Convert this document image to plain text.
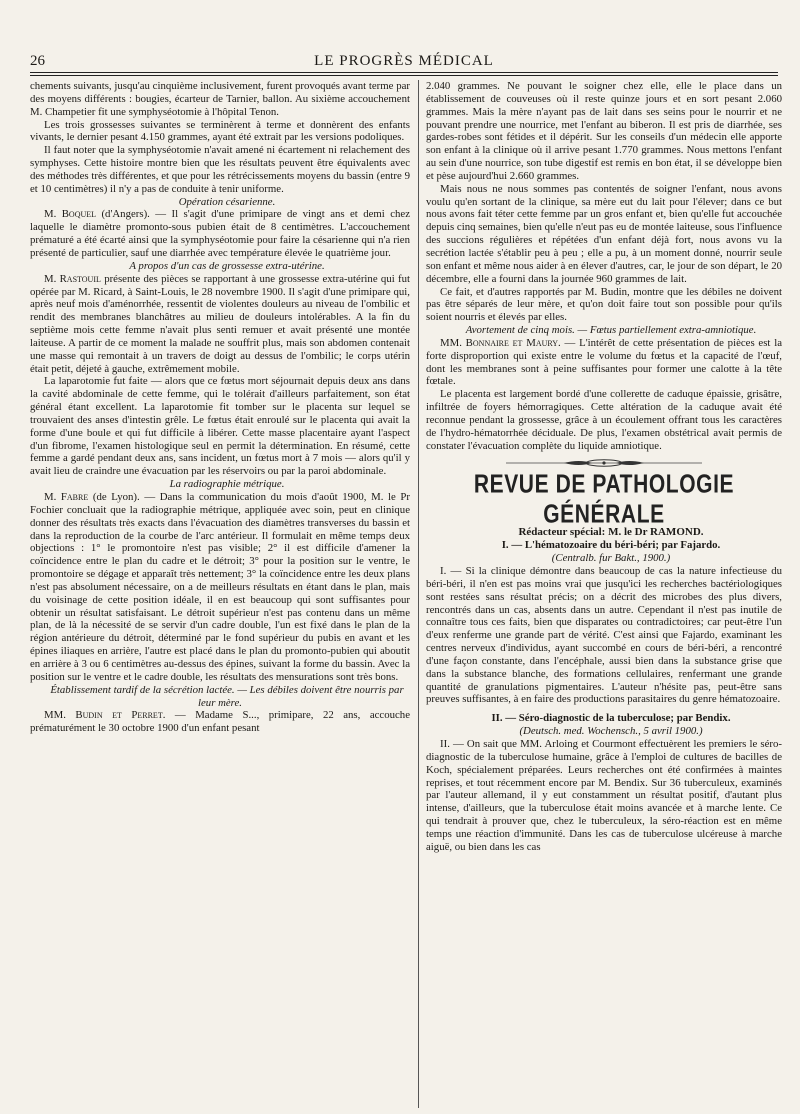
26	LE PROGRÈS MÉDICAL

chements suivants, jusqu'au cinquième inclusivement, furent provoqués avant terme par des moyens différents : bougies, écarteur de Tarnier, ballon. Au sixième accouchement M. Champetier fit une symphyséotomie à l'hôpital Tenon.

Les trois grossesses suivantes se terminèrent à terme et donnèrent des enfants vivants, le dernier pesant 4.150 grammes, ayant été extrait par les versions podoliques.

Il faut noter que la symphyséotomie n'avait amené ni écartement ni relachement des symphyses. Cette histoire montre bien que les résultats peuvent être équivalents avec des méthodes très différentes, et que pour les rétrécissements moyens du bassin (entre 9 et 10 centimètres) il n'y a pas de conduite à tenir uniforme.

Opération césarienne.

M. Boquel (d'Angers). — Il s'agit d'une primipare de vingt ans et demi chez laquelle le diamètre promonto-sous pubien était de 8 centimètres. L'accouchement prématuré a été écarté ainsi que la symphyséotomie pour faire la césarienne qui n'a rien présenté de particulier, sauf une diarrhée avec température élevée le quatrième jour.

A propos d'un cas de grossesse extra-utérine.

M. Rastouil présente des pièces se rapportant à une grossesse extra-utérine qui fut opérée par M. Ricard, à Saint-Louis, le 28 novembre 1900. Il s'agit d'une primipare qui, après neuf mois d'aménorrhée, ressentit de violentes douleurs au niveau de l'ombilic et rendit des membranes blanchâtres au milieu de douleurs intolérables. A la fin du septième mois cette femme n'avait plus senti remuer et avait présenté une montée laiteuse. A partir de ce moment la malade ne souffrit plus, mais son abdomen contenait une masse qui remontait à un travers de doigt au dessus de l'ombilic; le corps utérin était petit, déjeté à gauche, extrêmement mobile.

La laparotomie fut faite — alors que ce fœtus mort séjournait depuis deux ans dans la cavité abdominale de cette femme, qui le tolérait d'ailleurs parfaitement, son état général étant excellent. La laparotomie fit tomber sur le placenta sur lequel se trouvaient des anses d'intestin grêle. Le fœtus était enroulé sur le placenta qui avait la forme d'une boule et qui fut difficile à libérer. Cette masse placentaire ayant l'aspect d'un fibrome, l'examen histologique seul en permit la détermination. En résumé, cette femme a gardé pendant deux ans, sans incident, un fœtus mort à 7 mois — alors qu'il y avait lieu de craindre une évacuation par les réservoirs ou par la paroi abdominale.

La radiographie métrique.

M. Fabre (de Lyon). — Dans la communication du mois d'août 1900, M. le Pr Fochier concluait que la radiographie métrique, appliquée avec soin, peut en clinique donner des résultats très exacts dans l'évacuation des diamètres transverses du bassin et dans la reproduction de la courbe de l'arc antérieur. Il formulait en même temps deux objections : 1° le promontoire n'est pas visible; 2° il est difficile d'amener la coïncidence entre le plan du cadre et le détroit; 3° pour la position sur le ventre, le promontoire se dégage et apparaît très nettement; 3° la coïncidence entre les deux plans n'est pas absolument nécessaire, on a de meilleurs résultats en étant dans le plan, mais du voisinage de cette position idéale, il en est beaucoup qui sont suffisantes pour obtenir un résultat satisfaisant. Le détroit supérieur n'est pas contenu dans un même plan, de là la nécessité de se servir d'un cadre double, l'un est fixé dans le plan de la région antérieure du détroit, déterminé par le fond supérieur du pubis en avant et les épines iliaques en arrière, l'autre est placé dans le plan du promonto-pubien qui aboutit en arrière à 3 ou 6 centimètres au-dessus des épines, suivant la forme du bassin. Avec la position sur le ventre et le cadre double, les résultats des mensurations sont très bons.

Établissement tardif de la sécrétion lactée. — Les débiles doivent être nourris par leur mère.

MM. Budin et Perret. — Madame S..., primipare, 22 ans, accouche prématurément le 30 octobre 1900 d'un enfant pesant

2.040 grammes. Ne pouvant le soigner chez elle, elle le place dans un établissement de couveuses où il reste quinze jours et en sort pesant 2.060 grammes. Mais la mère n'ayant pas de lait dans ses seins pour le nourrir et ne pouvant prendre une nourrice, met l'enfant au biberon. Il est pris de diarrhée, ses gardes-robes sont fétides et il dépérit. Sur les conseils d'un médecin elle apporte son enfant à la clinique où il arrive pesant 1.770 grammes. Nous mettons l'enfant au sein d'une nourrice, son tube digestif est remis en bon état, il se développe bien et pèse aujourd'hui 2.660 grammes.

Mais nous ne nous sommes pas contentés de soigner l'enfant, nous avons voulu qu'en sortant de la clinique, sa mère eut du lait pour l'élever; dans ce but nous avons fait téter cette femme par un gros enfant et, bien qu'elle fut accouchée depuis cinq semaines, bien qu'elle n'eut pas eu de montée laiteuse, sous l'influence des succions régulières et répétées d'un enfant déjà fort, nous avons vu la secrétion lactée s'établir peu à peu ; elle a pu, à un moment donné, nourrir seule son enfant et même nous aider à en élever d'autres, car, le jour de son départ, le 20 décembre, elle a fourni dans la journée 960 grammes de lait.

Ce fait, et d'autres rapportés par M. Budin, montre que les débiles ne doivent pas être séparés de leur mère, et qu'on doit faire tout son possible pour qu'ils soient nourris et élevés par elles.

Avortement de cinq mois. — Fœtus partiellement extra-amniotique.

MM. Bonnaire et Maury. — L'intérêt de cette présentation de pièces est la forte disproportion qui existe entre le volume du fœtus et la capacité de l'œuf, dont les membranes sont à peine suffisantes pour former une calotte à la tête fœtale.

Le placenta est largement bordé d'une collerette de caduque épaissie, grisâtre, infiltrée de foyers hémorragiques. Cette altération de la caduque avait été reconnue pendant la grossesse, grâce à un écoulement offrant tous les caractères de l'hydro-hématorrhée déciduale. De plus, l'examen obstétrical avait permis de constater l'évacuation complète du liquide amniotique.

REVUE DE PATHOLOGIE GÉNÉRALE

Rédacteur spécial: M. le Dr RAMOND.

I. — L'hématozoaire du béri-béri; par Fajardo.

(Centralb. fur Bakt., 1900.)

I. — Si la clinique démontre dans beaucoup de cas la nature infectieuse du béri-béri, il n'en est pas moins vrai que jusqu'ici les recherches bactériologiques sont restées sans résultat précis; on a décrit des microbes des plus divers, rencontrés dans un cas, absents dans un autre. Cependant il n'est pas inutile de connaître tous ces faits, bien que disparates ou contradictoires; car peut-être l'un d'eux renferme une grande part de vérité. C'est ainsi que Fajardo, examinant les centres nerveux d'individus, ayant succombé en cours de béri-béri, a rencontré d'une façon constante, dans l'encéphale, aussi bien dans la substance grise que dans la substance blanche, des formations cellulaires, renfermant une grande quantité de granulations pigmentaires. L'auteur n'hésite pas, peut-être sans preuves suffisantes, à en faire des productions parasitaires du genre hématozoaire.

II. — Séro-diagnostic de la tuberculose; par Bendix.

(Deutsch. med. Wochensch., 5 avril 1900.)

II. — On sait que MM. Arloing et Courmont effectuèrent les premiers le séro-diagnostic de la tuberculose humaine, grâce à l'emploi de cultures de bacilles de Koch, spécialement préparées. Leurs recherches ont été confirmées à maintes reprises, et tout récemment encore par M. Bendix. Sur 36 tuberculeux, examinés par l'auteur allemand, il y eut constamment un résultat positif, d'autant plus intense, d'ailleurs, que la tuberculose était moins avancée et à marche lente. Ce qui tendrait à prouver que, chez le tuberculeux, la séro-réaction est en même temps une réaction d'immunité. Dans les cas de tuberculose ulcéreuse à marche aiguë, ou bien dans les cas
